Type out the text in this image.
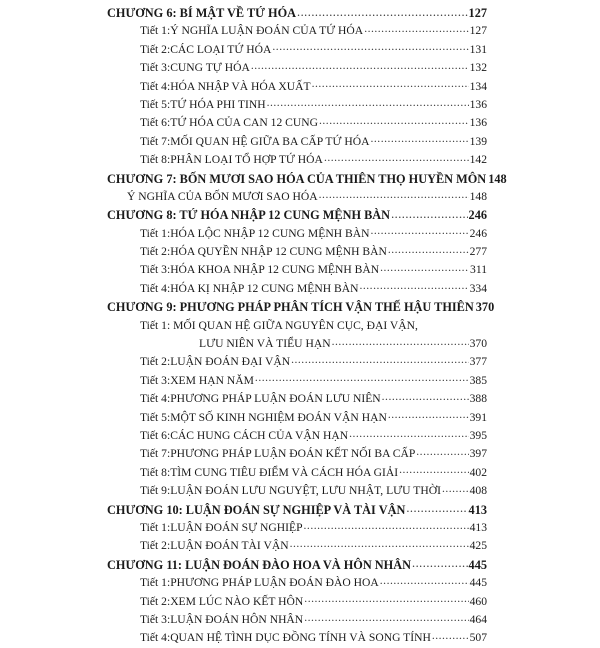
CHƯƠNG 6: BÍ MẬT VỀ TỨ HÓA .....	127
Tiết 1: Ý NGHĨA LUẬN ĐOÁN CỦA TỨ HÓA .....	127
Tiết 2: CÁC LOẠI TỨ HÓA .....	131
Tiết 3: CUNG TỰ HÓA .....	132
Tiết 4: HÓA NHẬP VÀ HÓA XUẤT .....	134
Tiết 5: TỨ HÓA PHI TINH .....	136
Tiết 6: TỨ HÓA CỦA CAN 12 CUNG .....	136
Tiết 7: MỐI QUAN HỆ GIỮA BA CẤP TỨ HÓA .....	139
Tiết 8: PHÂN LOẠI TỔ HỢP TỨ HÓA .....	142
CHƯƠNG 7: BỐN MƯƠI SAO HÓA CỦA THIÊN THỌ HUYỀN MÔN 148
Ý NGHĨA CỦA BỐN MƯƠI SAO HÓA .....	148
CHƯƠNG 8: TỨ HÓA NHẬP 12 CUNG MỆNH BÀN .....	246
Tiết 1: HÓA LỘC NHẬP 12 CUNG MỆNH BÀN .....	246
Tiết 2: HÓA QUYỀN NHẬP 12 CUNG MỆNH BÀN .....	277
Tiết 3: HÓA KHOA NHẬP 12 CUNG MỆNH BÀN .....	311
Tiết 4: HÓA KỊ NHẬP 12 CUNG MỆNH BÀN .....	334
CHƯƠNG 9: PHƯƠNG PHÁP PHÂN TÍCH VẬN THẾ HẬU THIÊN 370
Tiết 1: MỐI QUAN HỆ GIỮA NGUYÊN CỤC, ĐẠI VẬN,
LƯU NIÊN VÀ TIỂU HẠN .....	370
Tiết 2: LUẬN ĐOÁN ĐẠI VẬN .....	377
Tiết 3: XEM HẠN NĂM .....	385
Tiết 4: PHƯƠNG PHÁP LUẬN ĐOÁN LƯU NIÊN .....	388
Tiết 5: MỘT SỐ KINH NGHIỆM ĐOÁN VẬN HẠN .....	391
Tiết 6: CÁC HUNG CÁCH CỦA VẬN HẠN .....	395
Tiết 7: PHƯƠNG PHÁP LUẬN ĐOÁN KẾT NỐI BA CẤP .....	397
Tiết 8: TÌM CUNG TIÊU ĐIỂM VÀ CÁCH HÓA GIẢI .....	402
Tiết 9: LUẬN ĐOÁN LƯU NGUYỆT, LƯU NHẬT, LƯU THỜI ..... 408
CHƯƠNG 10: LUẬN ĐOÁN SỰ NGHIỆP VÀ TÀI VẬN .....	413
Tiết 1: LUẬN ĐOÁN SỰ NGHIỆP .....	413
Tiết 2: LUẬN ĐOÁN TÀI VẬN .....	425
CHƯƠNG 11: LUẬN ĐOÁN ĐÀO HOA VÀ HÔN NHÂN .....	445
Tiết 1: PHƯƠNG PHÁP LUẬN ĐOÁN ĐÀO HOA .....	445
Tiết 2: XEM LÚC NÀO KẾT HÔN .....	460
Tiết 3: LUẬN ĐOÁN HÔN NHÂN .....	464
Tiết 4: QUAN HỆ TÌNH DỤC ĐỒNG TÍNH VÀ SONG TÍNH .....	507
